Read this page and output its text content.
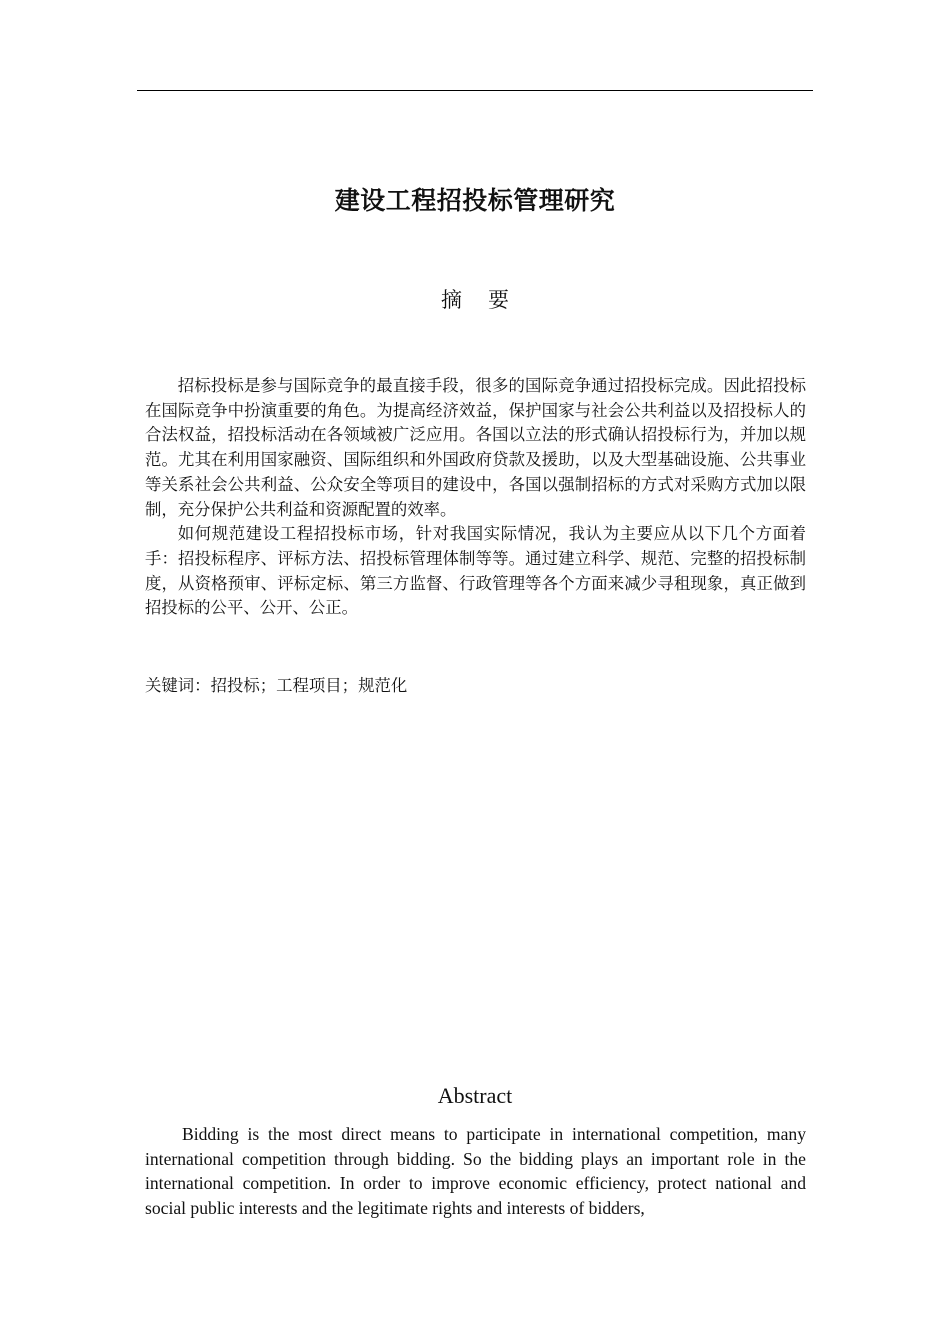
建设工程招投标管理研究
摘 要

招标投标是参与国际竞争的最直接手段，很多的国际竞争通过招投标完成。因此招投标在国际竞争中扮演重要的角色。为提高经济效益，保护国家与社会公共利益以及招投标人的合法权益，招投标活动在各领域被广泛应用。各国以立法的形式确认招投标行为，并加以规范。尤其在利用国家融资、国际组织和外国政府贷款及援助，以及大型基础设施、公共事业等关系社会公共利益、公众安全等项目的建设中，各国以强制招标的方式对采购方式加以限制，充分保护公共利益和资源配置的效率。

如何规范建设工程招投标市场，针对我国实际情况，我认为主要应从以下几个方面着手：招投标程序、评标方法、招投标管理体制等等。通过建立科学、规范、完整的招投标制度，从资格预审、评标定标、第三方监督、行政管理等各个方面来减少寻租现象，真正做到招投标的公平、公开、公正。

关键词：招投标；工程项目；规范化
Abstract

Bidding is the most direct means to participate in international competition, many international competition through bidding. So the bidding plays an important role in the international competition. In order to improve economic efficiency, protect national and social public interests and the legitimate rights and interests of bidders,
